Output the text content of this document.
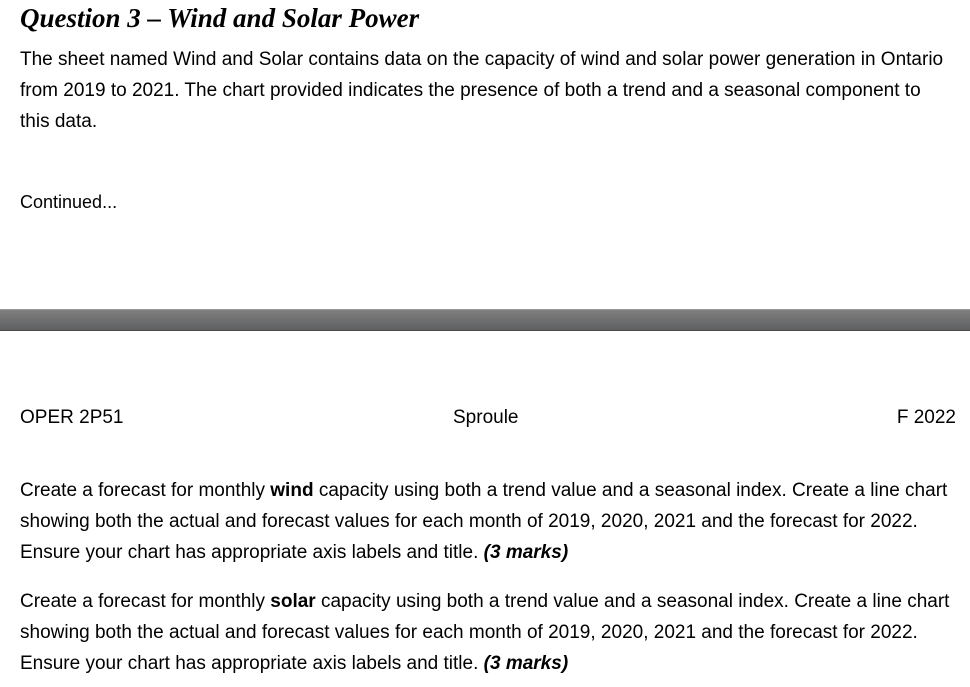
Question 3 – Wind and Solar Power
The sheet named Wind and Solar contains data on the capacity of wind and solar power generation in Ontario from 2019 to 2021. The chart provided indicates the presence of both a trend and a seasonal component to this data.
Continued...
OPER 2P51	Sproule	F 2022
Create a forecast for monthly wind capacity using both a trend value and a seasonal index. Create a line chart showing both the actual and forecast values for each month of 2019, 2020, 2021 and the forecast for 2022. Ensure your chart has appropriate axis labels and title. (3 marks)
Create a forecast for monthly solar capacity using both a trend value and a seasonal index. Create a line chart showing both the actual and forecast values for each month of 2019, 2020, 2021 and the forecast for 2022. Ensure your chart has appropriate axis labels and title. (3 marks)
